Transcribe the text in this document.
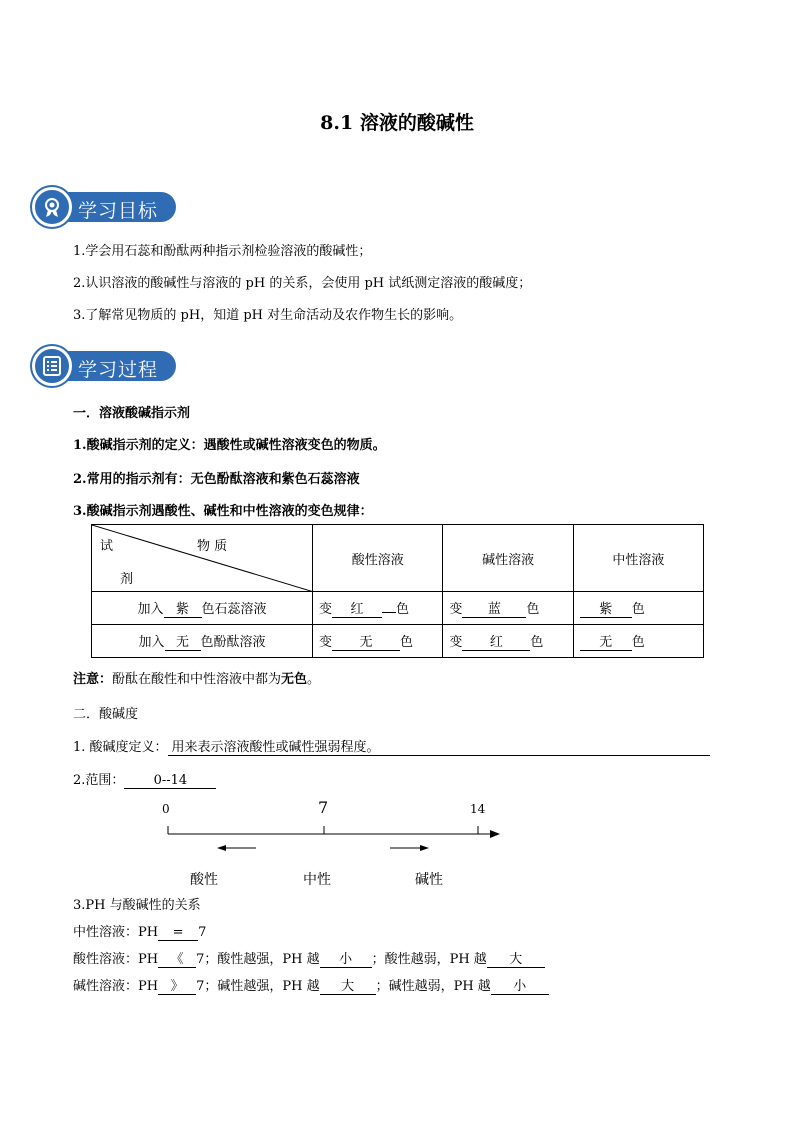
8.1 溶液的酸碱性
学习目标
1.学会用石蕊和酚酞两种指示剂检验溶液的酸碱性；
2.认识溶液的酸碱性与溶液的 pH 的关系，会使用 pH 试纸测定溶液的酸碱度；
3.了解常见物质的 pH，知道 pH 对生命活动及农作物生长的影响。
学习过程
一．溶液酸碱指示剂
1.酸碱指示剂的定义：遇酸性或碱性溶液变色的物质。
2.常用的指示剂有：无色酚酞溶液和紫色石蕊溶液
3.酸碱指示剂遇酸性、碱性和中性溶液的变色规律：
试 物 质
剂	酸性溶液	碱性溶液	中性溶液
加入 紫 色石蕊溶液	变 红 色	变 蓝 色	紫 色
加入 无 色酚酞溶液	变 无 色	变 红 色	无 色
注意：酚酞在酸性和中性溶液中都为无色。
二．酸碱度
1. 酸碱度定义： 用来表示溶液酸性或碱性强弱程度。
2.范围： 0--14
0	7	14
酸性	中性	碱性
3.PH 与酸碱性的关系
中性溶液：PH = 7
酸性溶液：PH 《 7；酸性越强，PH 越 小 ；酸性越弱，PH 越 大
碱性溶液：PH 》 7；碱性越强，PH 越 大 ；碱性越弱，PH 越 小
